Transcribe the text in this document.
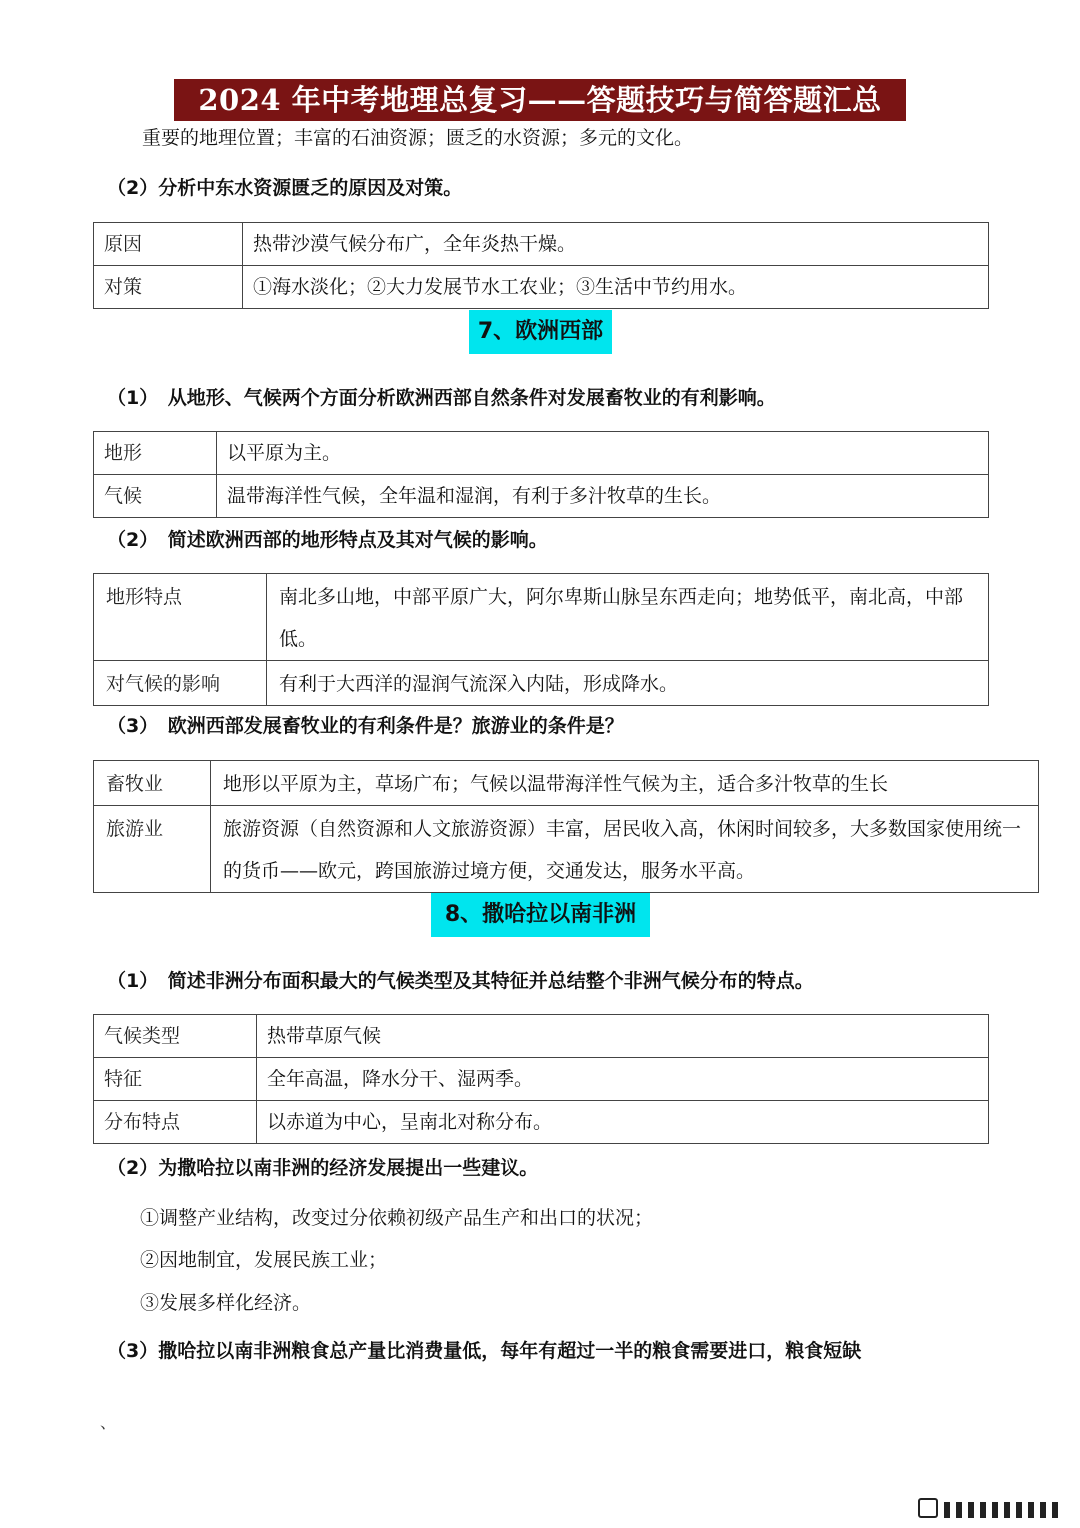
2024 年中考地理总复习——答题技巧与简答题汇总
重要的地理位置；丰富的石油资源；匮乏的水资源；多元的文化。
（2）分析中东水资源匮乏的原因及对策。
原因	热带沙漠气候分布广，全年炎热干燥。
对策	①海水淡化；②大力发展节水工农业；③生活中节约用水。
7、欧洲西部
（1）　从地形、气候两个方面分析欧洲西部自然条件对发展畜牧业的有利影响。
地形	以平原为主。
气候	温带海洋性气候，全年温和湿润，有利于多汁牧草的生长。
（2）　简述欧洲西部的地形特点及其对气候的影响。
地形特点	南北多山地，中部平原广大，阿尔卑斯山脉呈东西走向；地势低平，南北高，中部低。
对气候的影响	有利于大西洋的湿润气流深入内陆，形成降水。
（3）　欧洲西部发展畜牧业的有利条件是？旅游业的条件是？
畜牧业	地形以平原为主，草场广布；气候以温带海洋性气候为主，适合多汁牧草的生长
旅游业	旅游资源（自然资源和人文旅游资源）丰富，居民收入高，休闲时间较多，大多数国家使用统一的货币——欧元，跨国旅游过境方便，交通发达，服务水平高。
8、撒哈拉以南非洲
（1）　简述非洲分布面积最大的气候类型及其特征并总结整个非洲气候分布的特点。
气候类型	热带草原气候
特征	全年高温，降水分干、湿两季。
分布特点	以赤道为中心，呈南北对称分布。
（2）为撒哈拉以南非洲的经济发展提出一些建议。
①调整产业结构，改变过分依赖初级产品生产和出口的状况；
②因地制宜，发展民族工业；
③发展多样化经济。
（3）撒哈拉以南非洲粮食总产量比消费量低，每年有超过一半的粮食需要进口，粮食短缺
、
